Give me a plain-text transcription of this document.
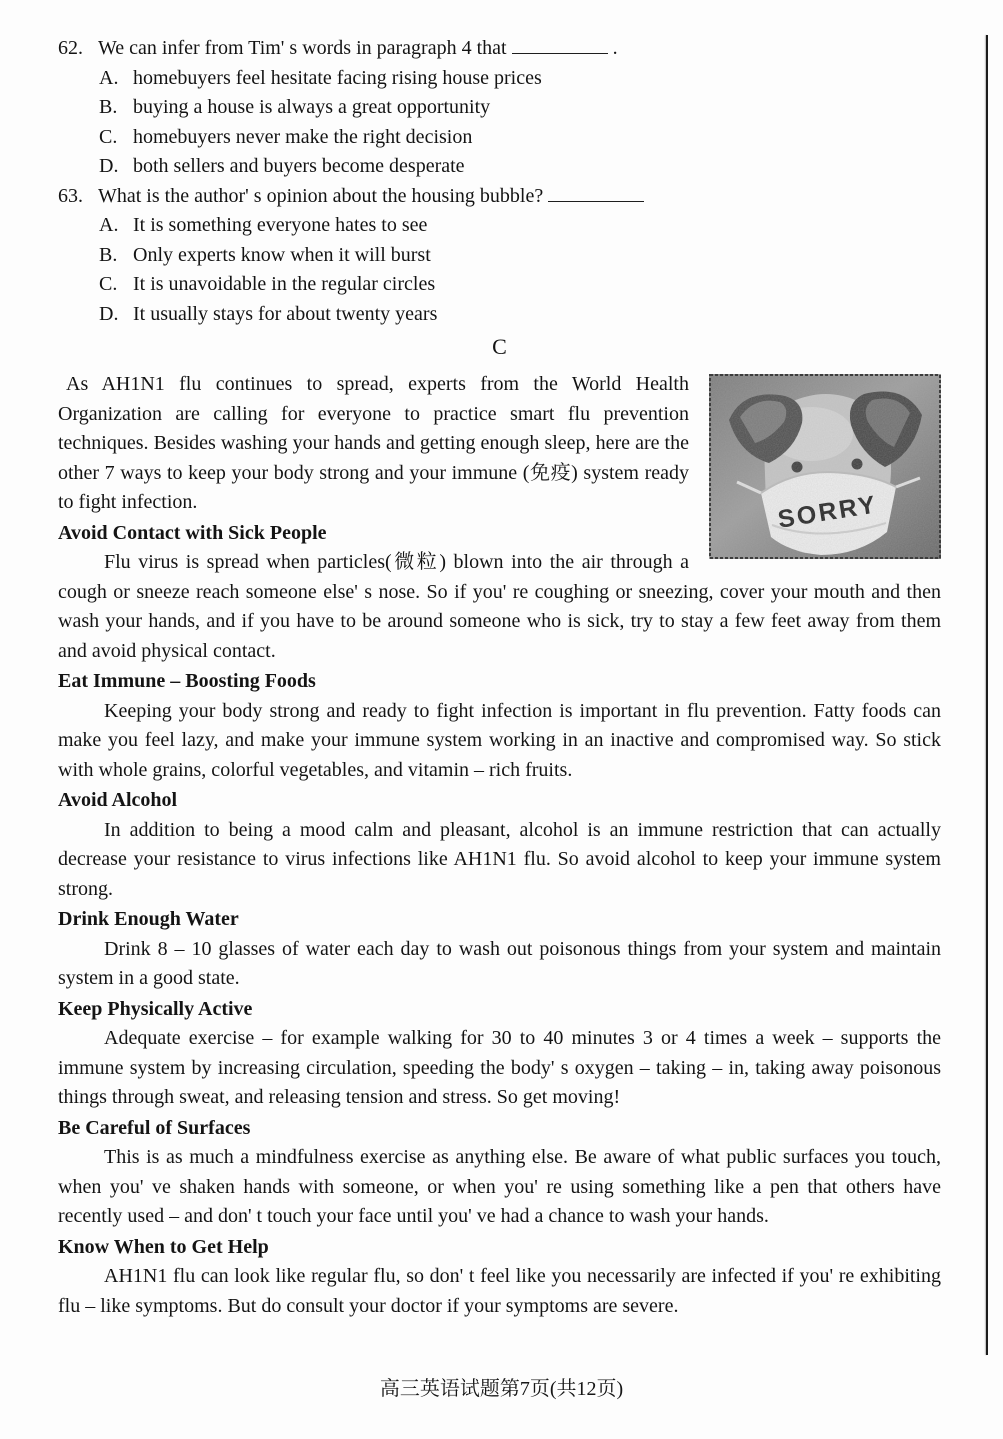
62. We can infer from Tim' s words in paragraph 4 that	.
A. homebuyers feel hesitate facing rising house prices
B. buying a house is always a great opportunity
C. homebuyers never make the right decision
D. both sellers and buyers become desperate
63. What is the author' s opinion about the housing bubble?
A. It is something everyone hates to see
B. Only experts know when it will burst
C. It is unavoidable in the regular circles
D. It usually stays for about twenty years
C

As AH1N1 flu continues to spread, experts from the World Health Organization are calling for everyone to practice smart flu prevention techniques. Besides washing your hands and getting enough sleep, here are the other 7 ways to keep your body strong and your immune (免疫) system ready to fight infection.

Avoid Contact with Sick People

Flu virus is spread when particles(微粒) blown into the air through a cough or sneeze reach someone else' s nose. So if you' re coughing or sneezing, cover your mouth and then wash your hands, and if you have to be around someone who is sick, try to stay a few feet away from them and avoid physical contact.

Eat Immune – Boosting Foods

Keeping your body strong and ready to fight infection is important in flu prevention. Fatty foods can make you feel lazy, and make your immune system working in an inactive and compromised way. So stick with whole grains, colorful vegetables, and vitamin – rich fruits.

Avoid Alcohol

In addition to being a mood calm and pleasant, alcohol is an immune restriction that can actually decrease your resistance to virus infections like AH1N1 flu. So avoid alcohol to keep your immune system strong.

Drink Enough Water

Drink 8 – 10 glasses of water each day to wash out poisonous things from your system and maintain system in a good state.

Keep Physically Active

Adequate exercise – for example walking for 30 to 40 minutes 3 or 4 times a week – supports the immune system by increasing circulation, speeding the body' s oxygen – taking – in, taking away poisonous things through sweat, and releasing tension and stress. So get moving!

Be Careful of Surfaces

This is as much a mindfulness exercise as anything else. Be aware of what public surfaces you touch, when you' ve shaken hands with someone, or when you' re using something like a pen that others have recently used – and don' t touch your face until you' ve had a chance to wash your hands.

Know When to Get Help

AH1N1 flu can look like regular flu, so don' t feel like you necessarily are infected if you' re exhibiting flu – like symptoms. But do consult your doctor if your symptoms are severe.

高三英语试题第7页(共12页)
